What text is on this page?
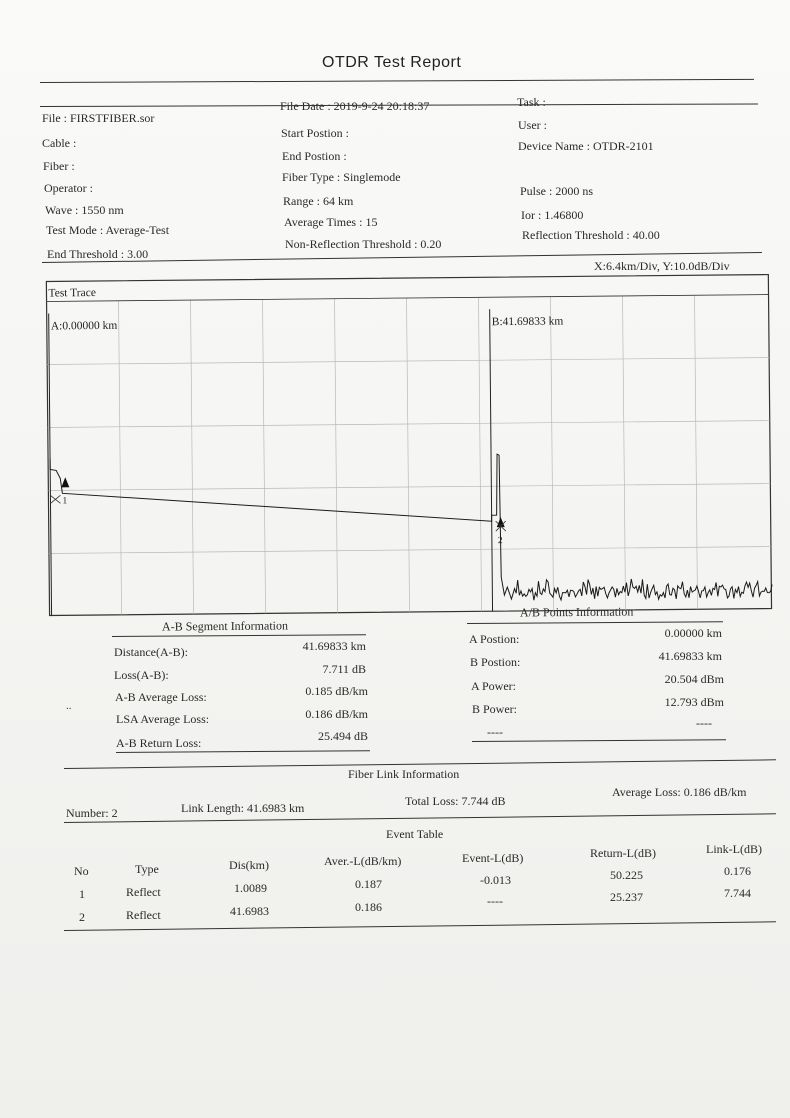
OTDR Test Report
File : FIRSTFIBER.sor
Cable :
Fiber :
Operator :
Wave : 1550 nm
Test Mode : Average-Test
End Threshold : 3.00
File Date : 2019-9-24 20:18:37
Start Postion :
End Postion :
Fiber Type : Singlemode
Range : 64 km
Average Times : 15
Non-Reflection Threshold : 0.20
Task :
User :
Device Name : OTDR-2101
Pulse : 2000 ns
Ior : 1.46800
Reflection Threshold : 40.00
X:6.4km/Div, Y:10.0dB/Div
Test Trace
A:0.00000 km	B:41.69833 km
1
2
A-B Segment Information
Distance(A-B):	41.69833 km
Loss(A-B):	7.711 dB
A-B Average Loss:	0.185 dB/km
LSA Average Loss:	0.186 dB/km
A-B Return Loss:	25.494 dB
A/B Points Information
A Postion:	0.00000 km
B Postion:	41.69833 km
A Power:	20.504 dBm
B Power:	12.793 dBm
----
----
..
Fiber Link Information
Number: 2	Link Length: 41.6983 km	Total Loss: 7.744 dB
Average Loss: 0.186 dB/km
Event Table
No	Type	Dis(km)	Aver.-L(dB/km)	Event-L(dB)	Return-L(dB)	Link-L(dB)
1	Reflect	1.0089	0.187	-0.013	50.225	0.176
2	Reflect	41.6983	0.186	----	25.237	7.744
